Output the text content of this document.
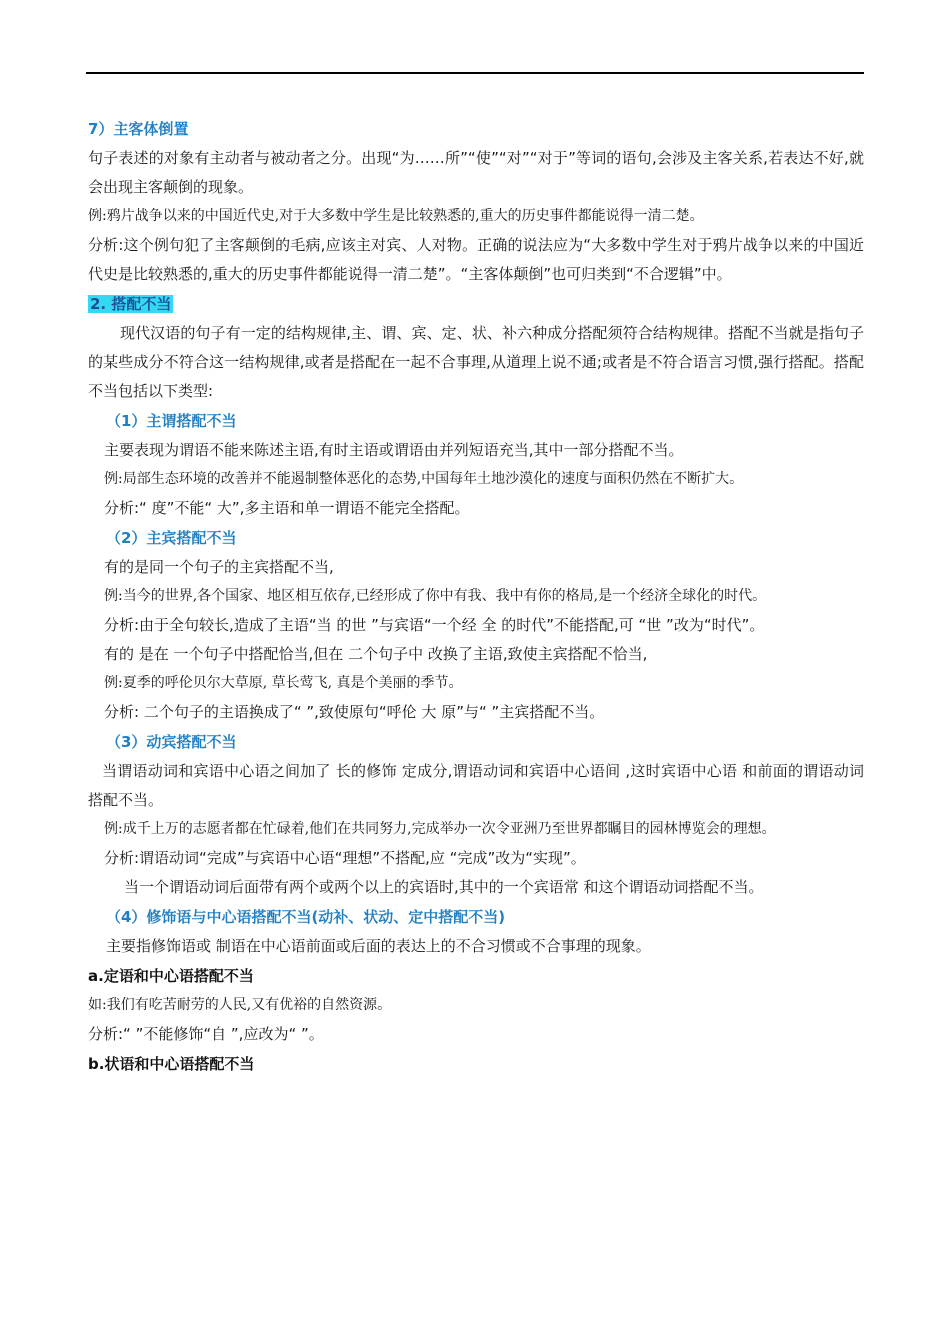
7）主客体倒置
句子表述的对象有主动者与被动者之分。出现“为……所”“使”“对”“对于”等词的语句,会涉及主客关系,若表达不好,就会出现主客颠倒的现象。
例:鸦片战争以来的中国近代史,对于大多数中学生是比较熟悉的,重大的历史事件都能说得一清二楚。
分析:这个例句犯了主客颠倒的毛病,应该主对宾、人对物。正确的说法应为“大多数中学生对于鸦片战争以来的中国近代史是比较熟悉的,重大的历史事件都能说得一清二楚”。“主客体颠倒”也可归类到“不合逻辑”中。
2. 搭配不当
现代汉语的句子有一定的结构规律,主、谓、宾、定、状、补六种成分搭配须符合结构规律。搭配不当就是指句子的某些成分不符合这一结构规律,或者是搭配在一起不合事理,从道理上说不通;或者是不符合语言习惯,强行搭配。搭配不当包括以下类型:
（1）主谓搭配不当
主要表现为谓语不能来陈述主语,有时主语或谓语由并列短语充当,其中一部分搭配不当。
例:局部生态环境的改善并不能遏制整体恶化的态势,中国每年土地沙漠化的速度与面积仍然在不断扩大。
分析:“ 度”不能“ 大”,多主语和单一谓语不能完全搭配。
（2）主宾搭配不当
有的是同一个句子的主宾搭配不当,
例:当今的世界,各个国家、地区相互依存,已经形成了你中有我、我中有你的格局,是一个经济全球化的时代。
分析:由于全句较长,造成了主语“当 的世 ”与宾语“一个经 全 的时代”不能搭配,可 “世 ”改为“时代”。
有的 是在 一个句子中搭配恰当,但在 二个句子中 改换了主语,致使主宾搭配不恰当,
例:夏季的呼伦贝尔大草原, 草长莺飞, 真是个美丽的季节。
分析: 二个句子的主语换成了“ ”,致使原句“呼伦 大 原”与“ ”主宾搭配不当。
（3）动宾搭配不当
当谓语动词和宾语中心语之间加了 长的修饰 定成分,谓语动词和宾语中心语间 ,这时宾语中心语 和前面的谓语动词搭配不当。
例:成千上万的志愿者都在忙碌着,他们在共同努力,完成举办一次令亚洲乃至世界都瞩目的园林博览会的理想。
分析:谓语动词“完成”与宾语中心语“理想”不搭配,应 “完成”改为“实现”。
当一个谓语动词后面带有两个或两个以上的宾语时,其中的一个宾语常 和这个谓语动词搭配不当。
（4）修饰语与中心语搭配不当(动补、状动、定中搭配不当)
主要指修饰语或 制语在中心语前面或后面的表达上的不合习惯或不合事理的现象。
a.定语和中心语搭配不当
如:我们有吃苦耐劳的人民,又有优裕的自然资源。
分析:“ ”不能修饰“自 ”,应改为“ ”。
b.状语和中心语搭配不当
